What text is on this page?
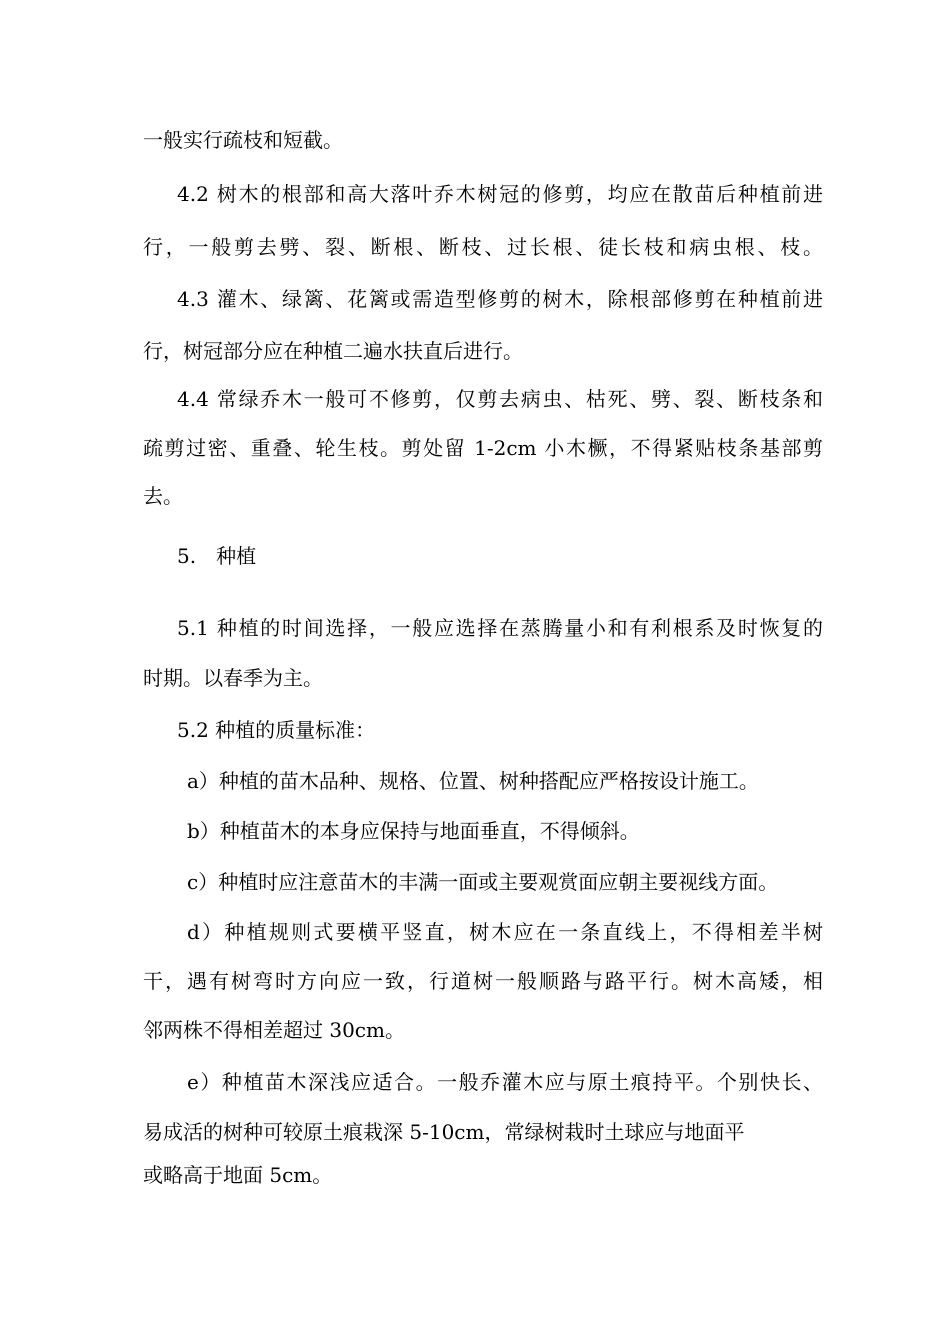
一般实行疏枝和短截。

4.2 树木的根部和高大落叶乔木树冠的修剪，均应在散苗后种植前进

行，一般剪去劈、裂、断根、断枝、过长根、徒长枝和病虫根、枝。

4.3 灌木、绿篱、花篱或需造型修剪的树木，除根部修剪在种植前进

行，树冠部分应在种植二遍水扶直后进行。

4.4 常绿乔木一般可不修剪，仅剪去病虫、枯死、劈、裂、断枝条和

疏剪过密、重叠、轮生枝。剪处留 1-2cm 小木橛，不得紧贴枝条基部剪

去。

5.　种植

5.1 种植的时间选择，一般应选择在蒸腾量小和有利根系及时恢复的

时期。以春季为主。

5.2 种植的质量标准：

a）种植的苗木品种、规格、位置、树种搭配应严格按设计施工。

b）种植苗木的本身应保持与地面垂直，不得倾斜。

c）种植时应注意苗木的丰满一面或主要观赏面应朝主要视线方面。

d）种植规则式要横平竖直，树木应在一条直线上，不得相差半树

干，遇有树弯时方向应一致，行道树一般顺路与路平行。树木高矮，相

邻两株不得相差超过 30cm。

e）种植苗木深浅应适合。一般乔灌木应与原土痕持平。个别快长、

易成活的树种可较原土痕栽深 5-10cm，常绿树栽时土球应与地面平

或略高于地面 5cm。
